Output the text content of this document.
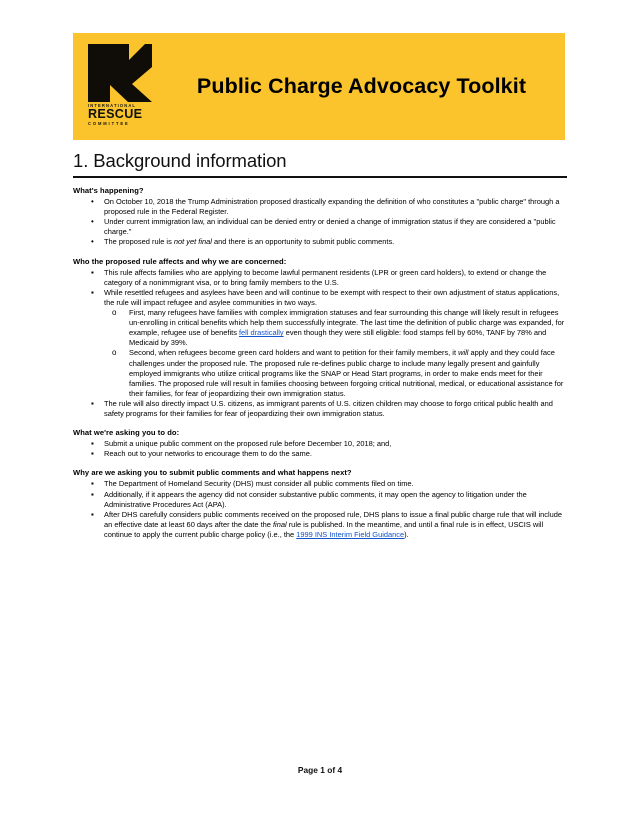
INTERNATIONAL
RESCUE
COMMITTEE
Public Charge Advocacy Toolkit
1. Background information
What's happening?
•
On October 10, 2018 the Trump Administration proposed drastically expanding the definition of who constitutes a "public charge" through a proposed rule in the Federal Register.
•
Under current immigration law, an individual can be denied entry or denied a change of immigration status if they are considered a "public charge."
•
The proposed rule is not yet final and there is an opportunity to submit public comments.
Who the proposed rule affects and why we are concerned:
▪
This rule affects families who are applying to become lawful permanent residents (LPR or green card holders), to extend or change the category of a nonimmigrant visa, or to bring family members to the U.S.
▪
While resettled refugees and asylees have been and will continue to be exempt with respect to their own adjustment of status applications, the rule will impact refugee and asylee communities in two ways.
o
First, many refugees have families with complex immigration statuses and fear surrounding this change will likely result in refugees un-enrolling in critical benefits which help them successfully integrate. The last time the definition of public charge was expanded, for example, refugee use of benefits fell drastically even though they were still eligible: food stamps fell by 60%, TANF by 78% and Medicaid by 39%.
o
Second, when refugees become green card holders and want to petition for their family members, it will apply and they could face challenges under the proposed rule. The proposed rule re-defines public charge to include many legally present and gainfully employed immigrants who utilize critical programs like the SNAP or Head Start programs, in order to make ends meet for their families. The proposed rule will result in families choosing between forgoing critical nutritional, medical, or educational assistance for their families, for fear of jeopardizing their own immigration status.
▪
The rule will also directly impact U.S. citizens, as immigrant parents of U.S. citizen children may choose to forgo critical public health and safety programs for their families for fear of jeopardizing their own immigration status.
What we're asking you to do:
▪
Submit a unique public comment on the proposed rule before December 10, 2018; and,
▪
Reach out to your networks to encourage them to do the same.
Why are we asking you to submit public comments and what happens next?
▪
The Department of Homeland Security (DHS) must consider all public comments filed on time.
▪
Additionally, if it appears the agency did not consider substantive public comments, it may open the agency to litigation under the Administrative Procedures Act (APA).
▪
After DHS carefully considers public comments received on the proposed rule, DHS plans to issue a final public charge rule that will include an effective date at least 60 days after the date the final rule is published. In the meantime, and until a final rule is in effect, USCIS will continue to apply the current public charge policy (i.e., the 1999 INS Interim Field Guidance).
Page 1 of 4
